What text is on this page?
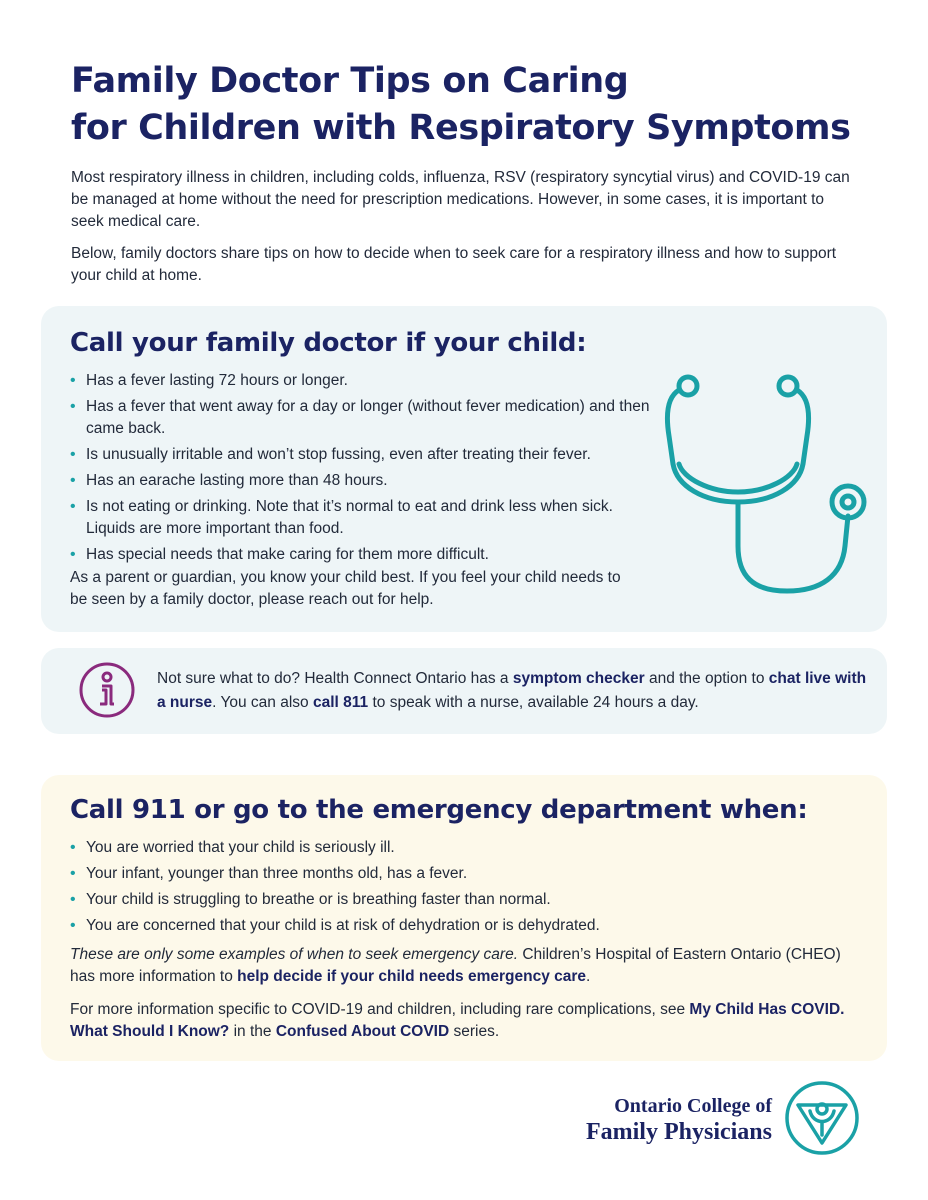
Family Doctor Tips on Caring
for Children with Respiratory Symptoms

Most respiratory illness in children, including colds, influenza, RSV (respiratory syncytial virus) and COVID-19 can be managed at home without the need for prescription medications. However, in some cases, it is important to seek medical care.

Below, family doctors share tips on how to decide when to seek care for a respiratory illness and how to support your child at home.

Call your family doctor if your child:
• Has a fever lasting 72 hours or longer.
• Has a fever that went away for a day or longer (without fever medication) and then came back.
• Is unusually irritable and won’t stop fussing, even after treating their fever.
• Has an earache lasting more than 48 hours.
• Is not eating or drinking. Note that it’s normal to eat and drink less when sick. Liquids are more important than food.
• Has special needs that make caring for them more difficult.

As a parent or guardian, you know your child best. If you feel your child needs to be seen by a family doctor, please reach out for help.

Not sure what to do? Health Connect Ontario has a symptom checker and the option to chat live with a nurse. You can also call 811 to speak with a nurse, available 24 hours a day.

Call 911 or go to the emergency department when:
• You are worried that your child is seriously ill.
• Your infant, younger than three months old, has a fever.
• Your child is struggling to breathe or is breathing faster than normal.
• You are concerned that your child is at risk of dehydration or is dehydrated.

These are only some examples of when to seek emergency care. Children’s Hospital of Eastern Ontario (CHEO) has more information to help decide if your child needs emergency care.

For more information specific to COVID-19 and children, including rare complications, see My Child Has COVID. What Should I Know? in the Confused About COVID series.

Ontario College of
Family Physicians
